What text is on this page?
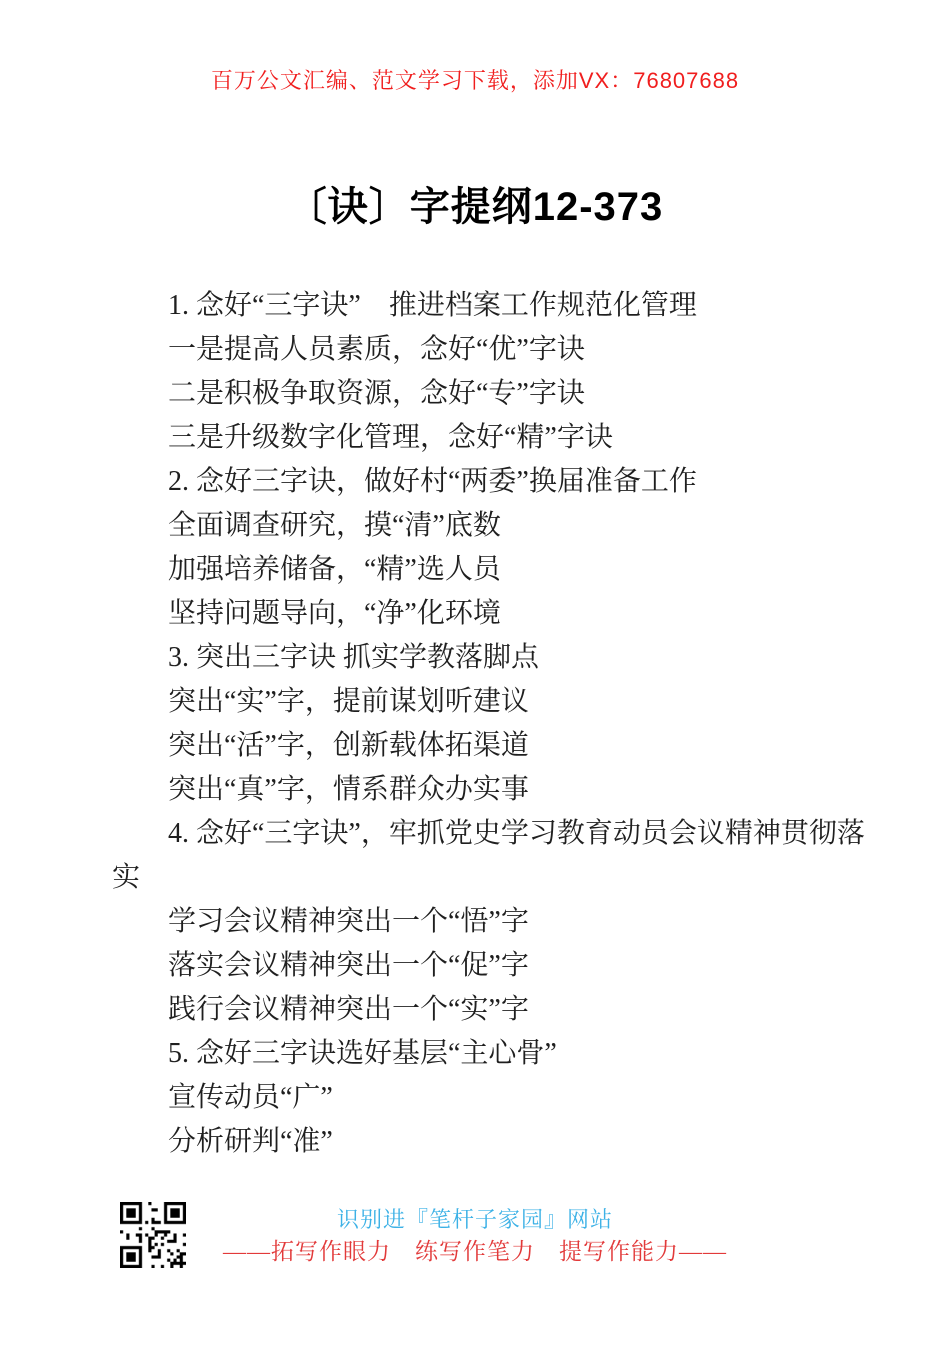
百万公文汇编、范文学习下载，添加VX：76807688
〔诀〕字提纲12-373

1. 念好“三字诀”　推进档案工作规范化管理

一是提高人员素质，念好“优”字诀

二是积极争取资源，念好“专”字诀

三是升级数字化管理，念好“精”字诀

2. 念好三字诀，做好村“两委”换届准备工作

全面调查研究，摸“清”底数

加强培养储备，“精”选人员

坚持问题导向，“净”化环境

3. 突出三字诀 抓实学教落脚点

突出“实”字，提前谋划听建议

突出“活”字，创新载体拓渠道

突出“真”字，情系群众办实事

4. 念好“三字诀”，牢抓党史学习教育动员会议精神贯彻落实

学习会议精神突出一个“悟”字

落实会议精神突出一个“促”字

践行会议精神突出一个“实”字

5. 念好三字诀选好基层“主心骨”

宣传动员“广”

分析研判“准”

识别进『笔杆子家园』网站
——拓写作眼力　练写作笔力　提写作能力——
